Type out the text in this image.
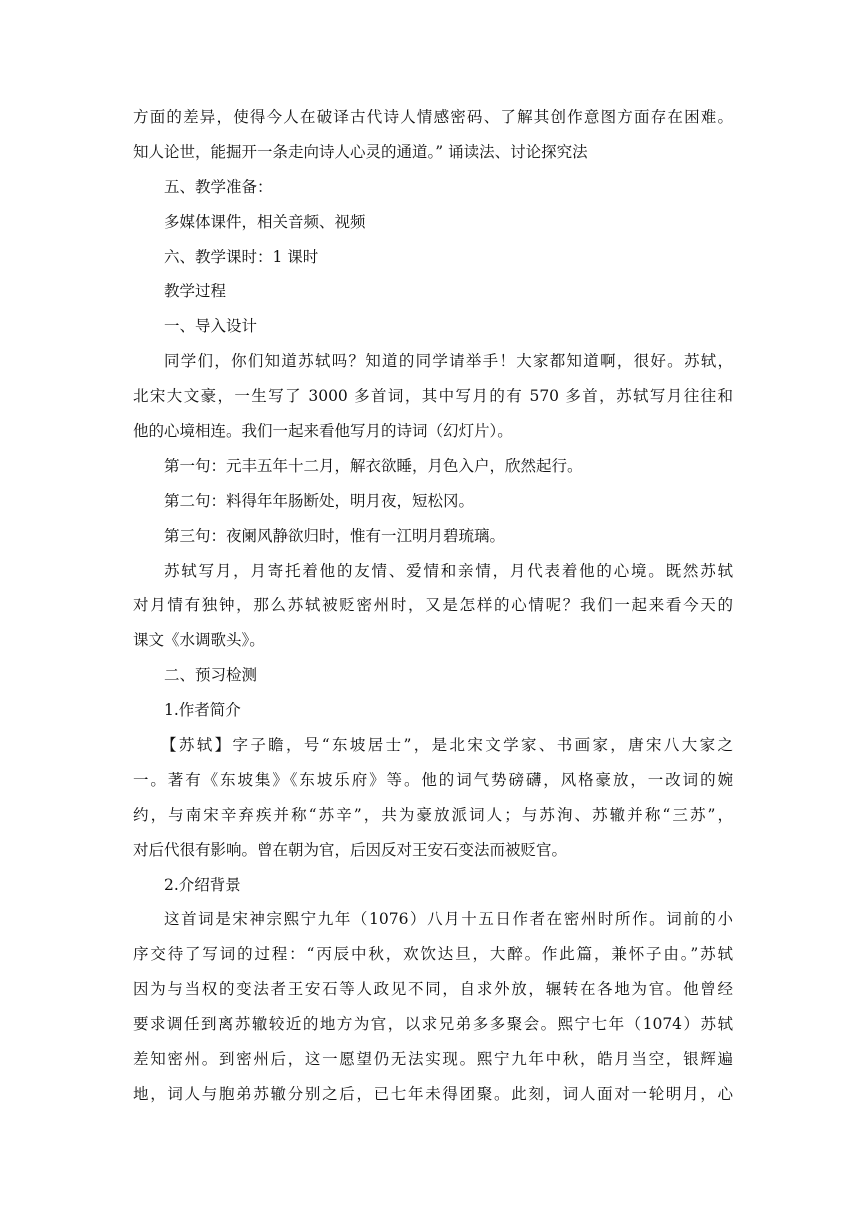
方面的差异，使得今人在破译古代诗人情感密码、了解其创作意图方面存在困难。
知人论世，能掘开一条走向诗人心灵的通道。” 诵读法、讨论探究法
五、教学准备：
多媒体课件，相关音频、视频
六、教学课时：1 课时
教学过程
一、导入设计
同学们，你们知道苏轼吗？知道的同学请举手！大家都知道啊，很好。苏轼，
北宋大文豪，一生写了 3000 多首词，其中写月的有 570 多首，苏轼写月往往和
他的心境相连。我们一起来看他写月的诗词（幻灯片）。
第一句：元丰五年十二月，解衣欲睡，月色入户，欣然起行。
第二句：料得年年肠断处，明月夜，短松冈。
第三句：夜阑风静欲归时，惟有一江明月碧琉璃。
苏轼写月，月寄托着他的友情、爱情和亲情，月代表着他的心境。既然苏轼
对月情有独钟，那么苏轼被贬密州时，又是怎样的心情呢？我们一起来看今天的
课文《水调歌头》。
二、预习检测
1.作者简介
【苏轼】字子瞻，号“东坡居士”，是北宋文学家、书画家，唐宋八大家之
一。著有《东坡集》《东坡乐府》等。他的词气势磅礴，风格豪放，一改词的婉
约，与南宋辛弃疾并称“苏辛”，共为豪放派词人；与苏洵、苏辙并称“三苏”，
对后代很有影响。曾在朝为官，后因反对王安石变法而被贬官。
2.介绍背景
这首词是宋神宗熙宁九年（1076）八月十五日作者在密州时所作。词前的小
序交待了写词的过程：“丙辰中秋，欢饮达旦，大醉。作此篇，兼怀子由。”苏轼
因为与当权的变法者王安石等人政见不同，自求外放，辗转在各地为官。他曾经
要求调任到离苏辙较近的地方为官，以求兄弟多多聚会。熙宁七年（1074）苏轼
差知密州。到密州后，这一愿望仍无法实现。熙宁九年中秋，皓月当空，银辉遍
地，词人与胞弟苏辙分别之后，已七年未得团聚。此刻，词人面对一轮明月，心
